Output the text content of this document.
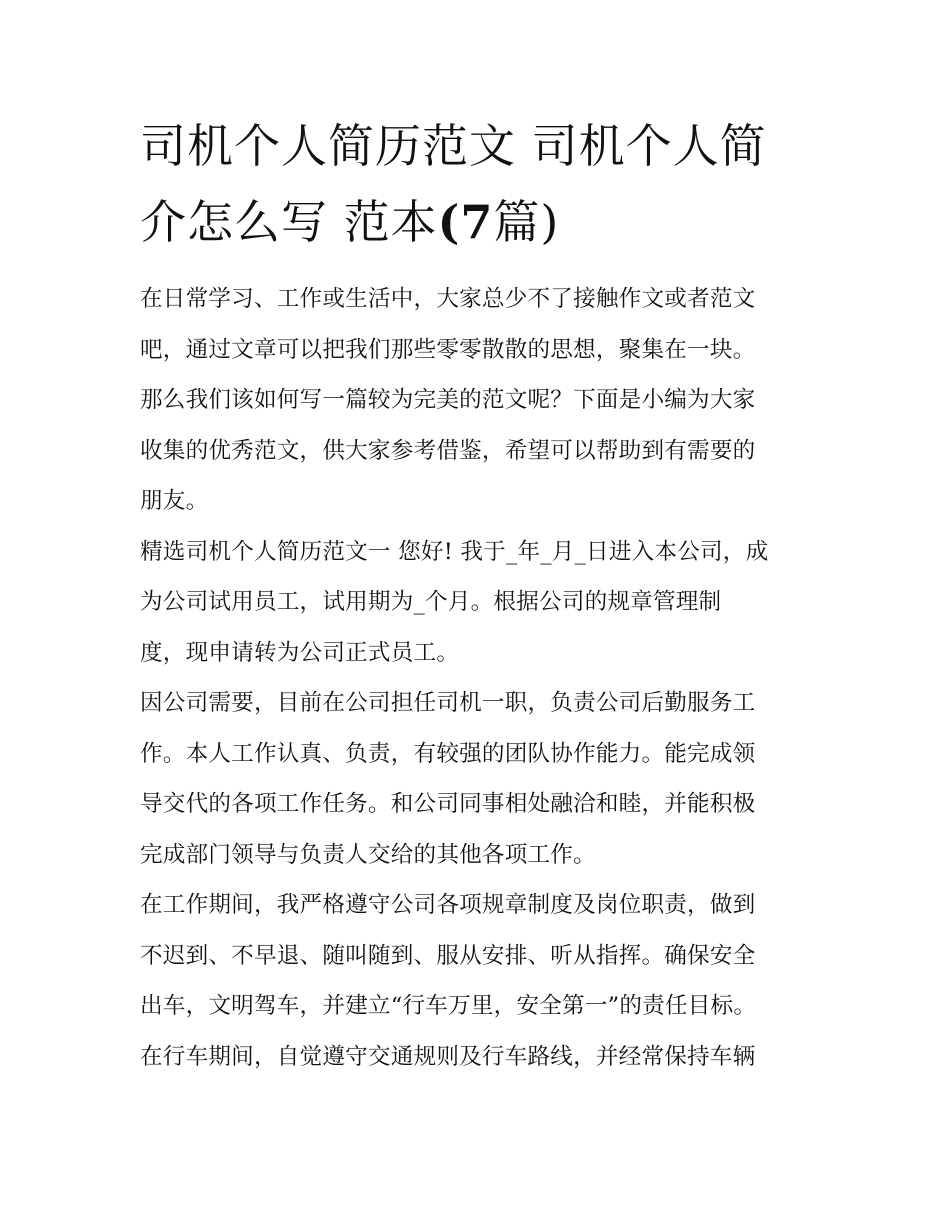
司机个人简历范文 司机个人简
介怎么写 范本(7篇)

在日常学习、工作或生活中，大家总少不了接触作文或者范文
吧，通过文章可以把我们那些零零散散的思想，聚集在一块。
那么我们该如何写一篇较为完美的范文呢？下面是小编为大家
收集的优秀范文，供大家参考借鉴，希望可以帮助到有需要的
朋友。

精选司机个人简历范文一 您好! 我于_年_月_日进入本公司，成
为公司试用员工，试用期为_个月。根据公司的规章管理制
度，现申请转为公司正式员工。

因公司需要，目前在公司担任司机一职，负责公司后勤服务工
作。本人工作认真、负责，有较强的团队协作能力。能完成领
导交代的各项工作任务。和公司同事相处融洽和睦，并能积极
完成部门领导与负责人交给的其他各项工作。

在工作期间，我严格遵守公司各项规章制度及岗位职责，做到
不迟到、不早退、随叫随到、服从安排、听从指挥。确保安全
出车，文明驾车，并建立“行车万里，安全第一”的责任目标。
在行车期间，自觉遵守交通规则及行车路线，并经常保持车辆
